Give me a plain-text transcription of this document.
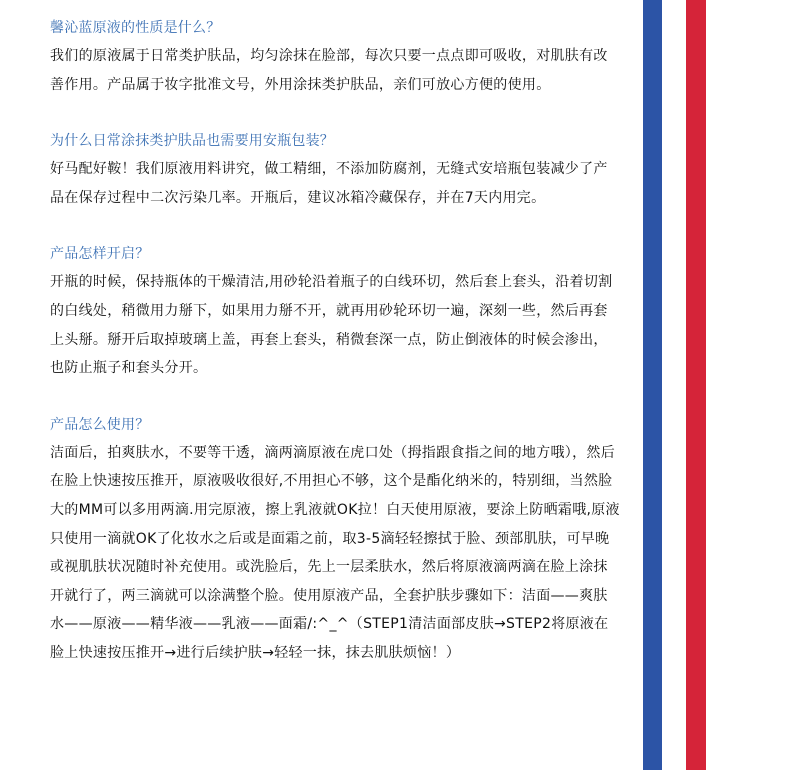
馨沁蓝原液的性质是什么？

我们的原液属于日常类护肤品，均匀涂抹在脸部，每次只要一点点即可吸收，对肌肤有改善作用。产品属于妆字批准文号，外用涂抹类护肤品，亲们可放心方便的使用。

为什么日常涂抹类护肤品也需要用安瓶包装？

好马配好鞍！我们原液用料讲究，做工精细，不添加防腐剂，无缝式安培瓶包装减少了产品在保存过程中二次污染几率。开瓶后，建议冰箱冷藏保存，并在7天内用完。

产品怎样开启？

开瓶的时候，保持瓶体的干燥清洁,用砂轮沿着瓶子的白线环切，然后套上套头，沿着切割的白线处，稍微用力掰下，如果用力掰不开，就再用砂轮环切一遍，深刻一些，然后再套上头掰。掰开后取掉玻璃上盖，再套上套头，稍微套深一点，防止倒液体的时候会渗出，也防止瓶子和套头分开。

产品怎么使用？

洁面后，拍爽肤水，不要等干透，滴两滴原液在虎口处（拇指跟食指之间的地方哦），然后在脸上快速按压推开，原液吸收很好,不用担心不够，这个是酯化纳米的，特别细，当然脸大的MM可以多用两滴.用完原液，擦上乳液就OK拉！白天使用原液，要涂上防晒霜哦,原液只使用一滴就OK了化妆水之后或是面霜之前，取3-5滴轻轻擦拭于脸、颈部肌肤，可早晚或视肌肤状况随时补充使用。或洗脸后，先上一层柔肤水，然后将原液滴两滴在脸上涂抹开就行了，两三滴就可以涂满整个脸。使用原液产品，全套护肤步骤如下：洁面——爽肤水——原液——精华液——乳液——面霜/:^_^（STEP1清洁面部皮肤→STEP2将原液在脸上快速按压推开→进行后续护肤→轻轻一抹，抹去肌肤烦恼！）
